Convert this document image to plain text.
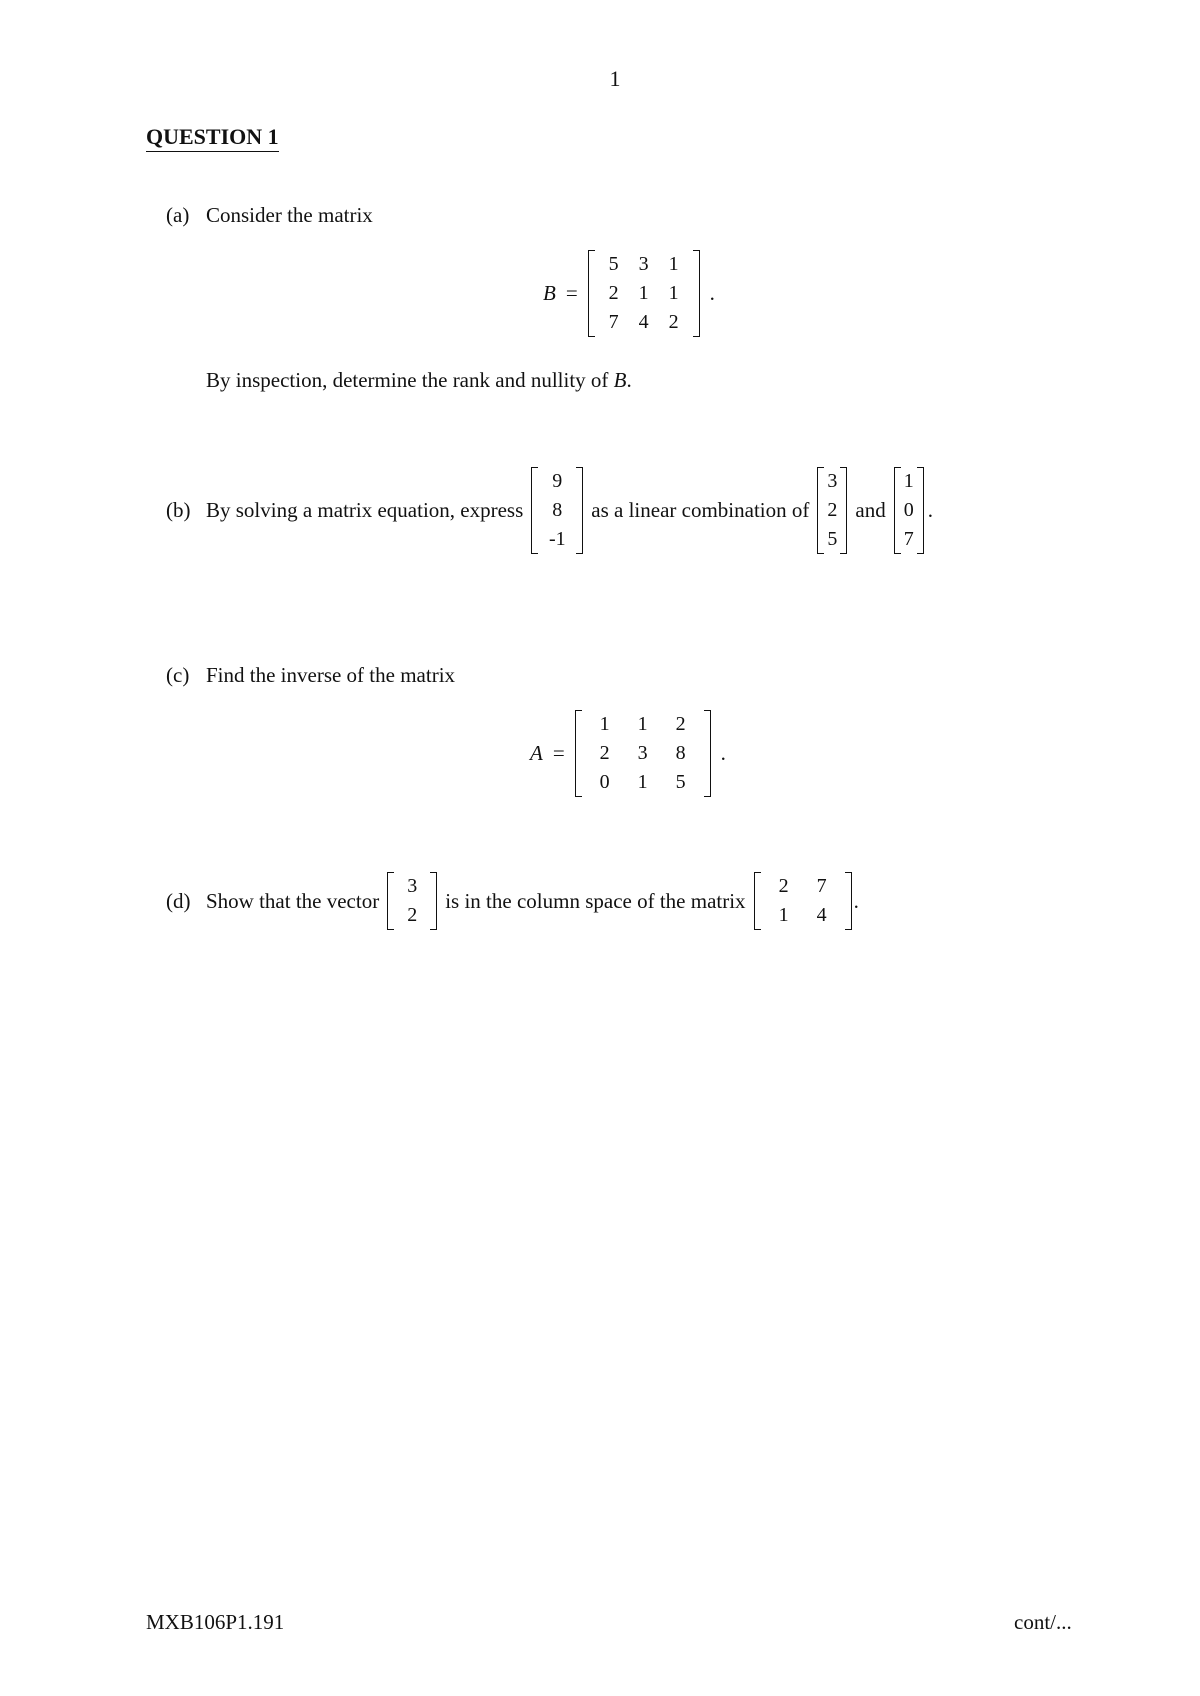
1
QUESTION 1
(a) Consider the matrix
B =
5	3	1
2	1	1
7	4	2
.
By inspection, determine the rank and nullity of B.
(b) By solving a matrix equation, express
9
8
-1
as a linear combination of
3
2
5
and
1
0
7
.
(c) Find the inverse of the matrix
A =
1	1	2
2	3	8
0	1	5
.
(d) Show that the vector
3
2
is in the column space of the matrix
2	7
1	4
.
MXB106P1.191	cont/...
